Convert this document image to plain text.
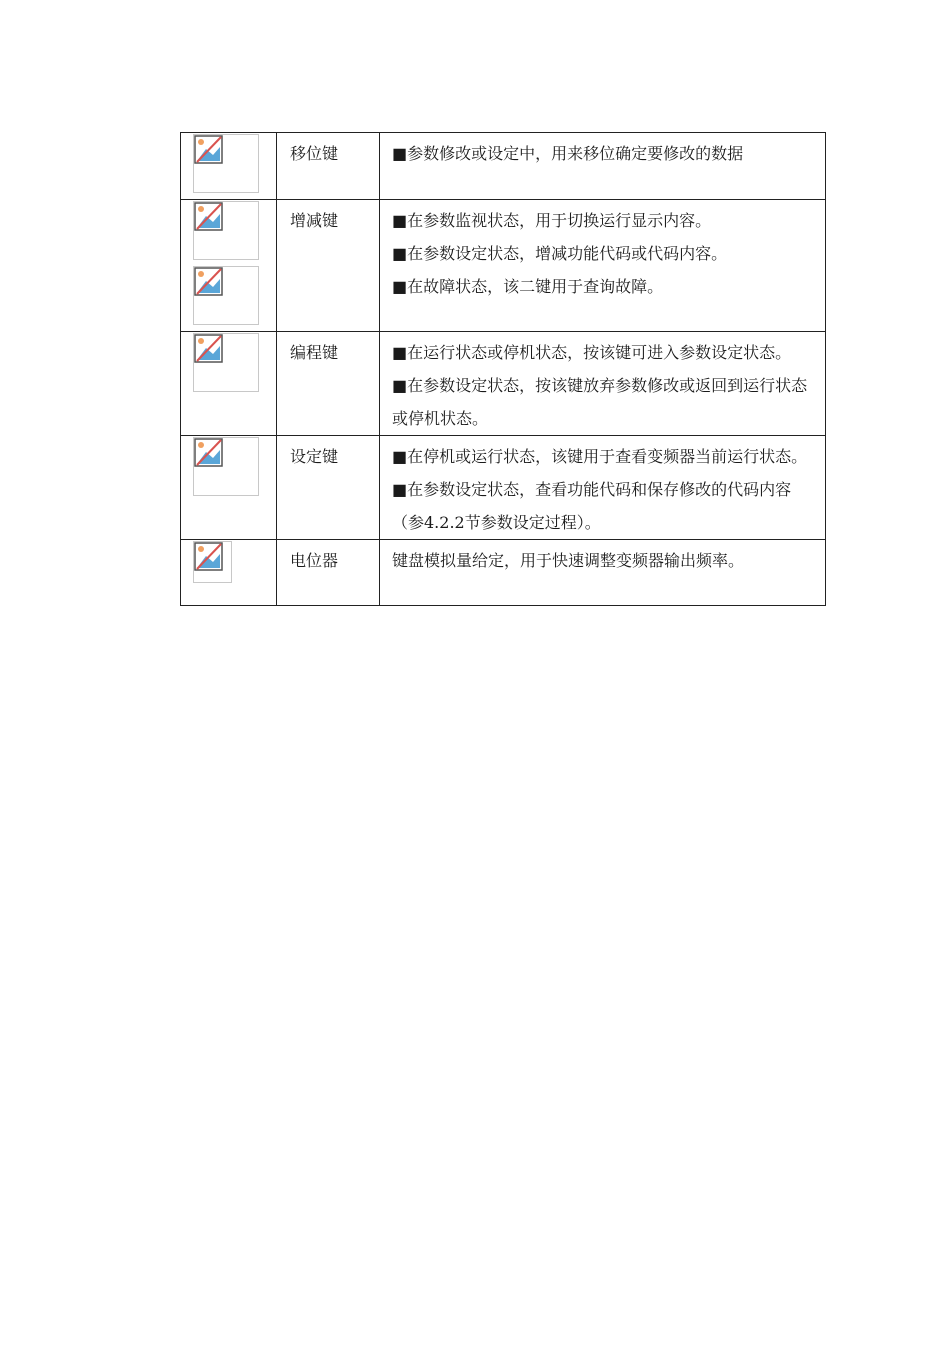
	移位键	■参数修改或设定中，用来移位确定要修改的数据

	增减键	■在参数监视状态，用于切换运行显示内容。
■在参数设定状态，增减功能代码或代码内容。
■在故障状态，该二键用于查询故障。

	编程键	■在运行状态或停机状态，按该键可进入参数设定状态。
■在参数设定状态，按该键放弃参数修改或返回到运行状态
或停机状态。

	设定键	■在停机或运行状态，该键用于查看变频器当前运行状态。
■在参数设定状态，查看功能代码和保存修改的代码内容
（参4.2.2节参数设定过程）。

	电位器	键盘模拟量给定，用于快速调整变频器输出频率。
